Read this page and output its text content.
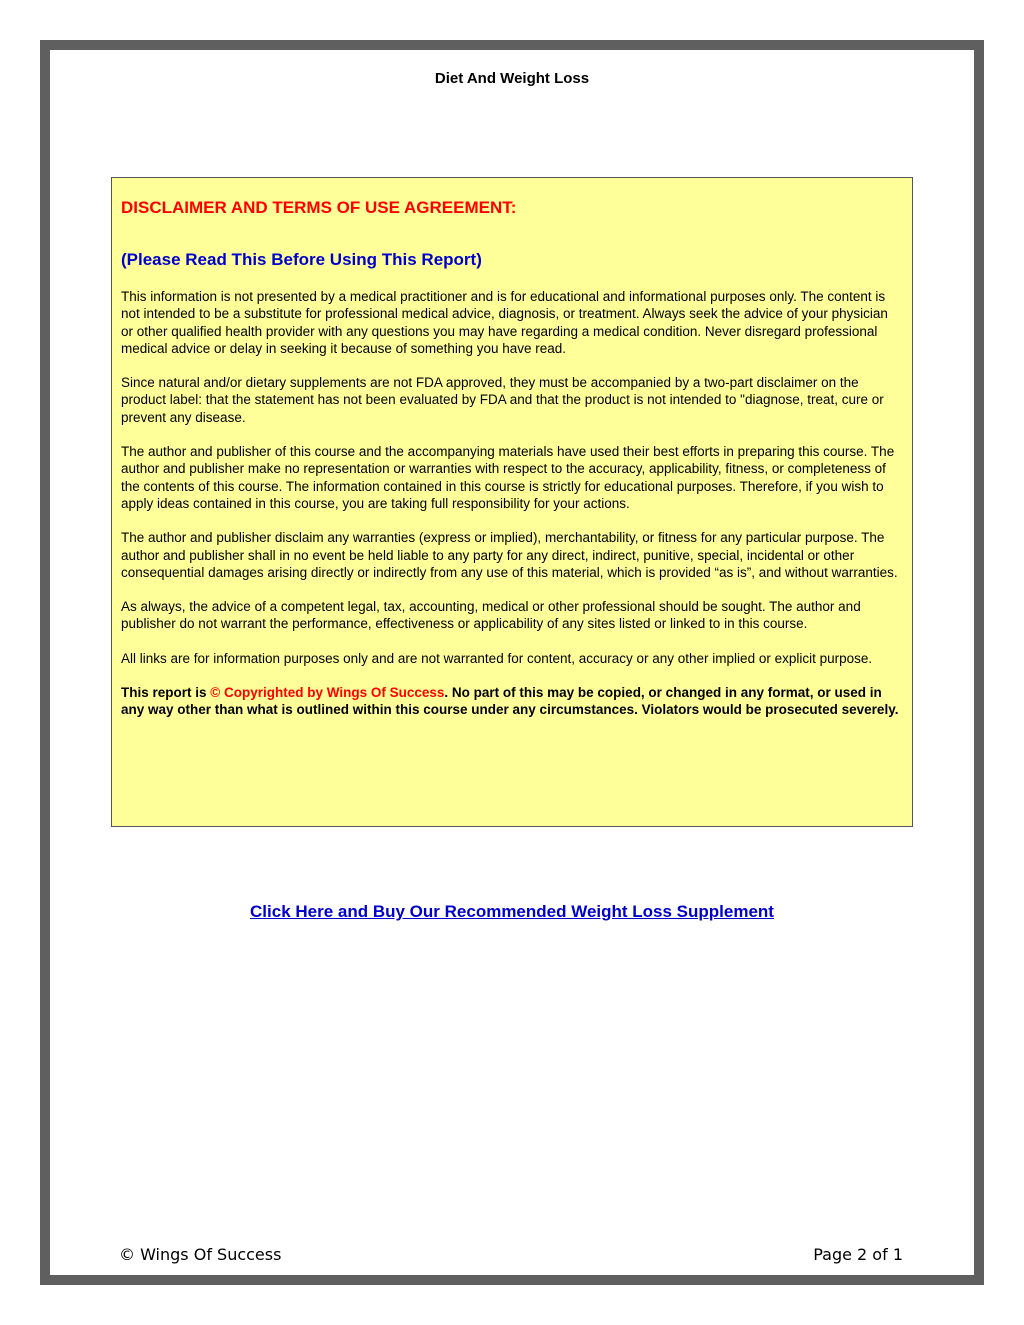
Diet And Weight Loss
DISCLAIMER AND TERMS OF USE AGREEMENT:
(Please Read This Before Using This Report)

This information is not presented by a medical practitioner and is for educational and informational purposes only. The content is not intended to be a substitute for professional medical advice, diagnosis, or treatment. Always seek the advice of your physician or other qualified health provider with any questions you may have regarding a medical condition. Never disregard professional medical advice or delay in seeking it because of something you have read.

Since natural and/or dietary supplements are not FDA approved, they must be accompanied by a two-part disclaimer on the product label: that the statement has not been evaluated by FDA and that the product is not intended to "diagnose, treat, cure or prevent any disease.

The author and publisher of this course and the accompanying materials have used their best efforts in preparing this course. The author and publisher make no representation or warranties with respect to the accuracy, applicability, fitness, or completeness of the contents of this course. The information contained in this course is strictly for educational purposes. Therefore, if you wish to apply ideas contained in this course, you are taking full responsibility for your actions.

The author and publisher disclaim any warranties (express or implied), merchantability, or fitness for any particular purpose. The author and publisher shall in no event be held liable to any party for any direct, indirect, punitive, special, incidental or other consequential damages arising directly or indirectly from any use of this material, which is provided “as is”, and without warranties.

As always, the advice of a competent legal, tax, accounting, medical or other professional should be sought. The author and publisher do not warrant the performance, effectiveness or applicability of any sites listed or linked to in this course.

All links are for information purposes only and are not warranted for content, accuracy or any other implied or explicit purpose.

This report is © Copyrighted by Wings Of Success. No part of this may be copied, or changed in any format, or used in any way other than what is outlined within this course under any circumstances. Violators would be prosecuted severely.

Click Here and Buy Our Recommended Weight Loss Supplement
© Wings Of Success	Page 2 of 1
